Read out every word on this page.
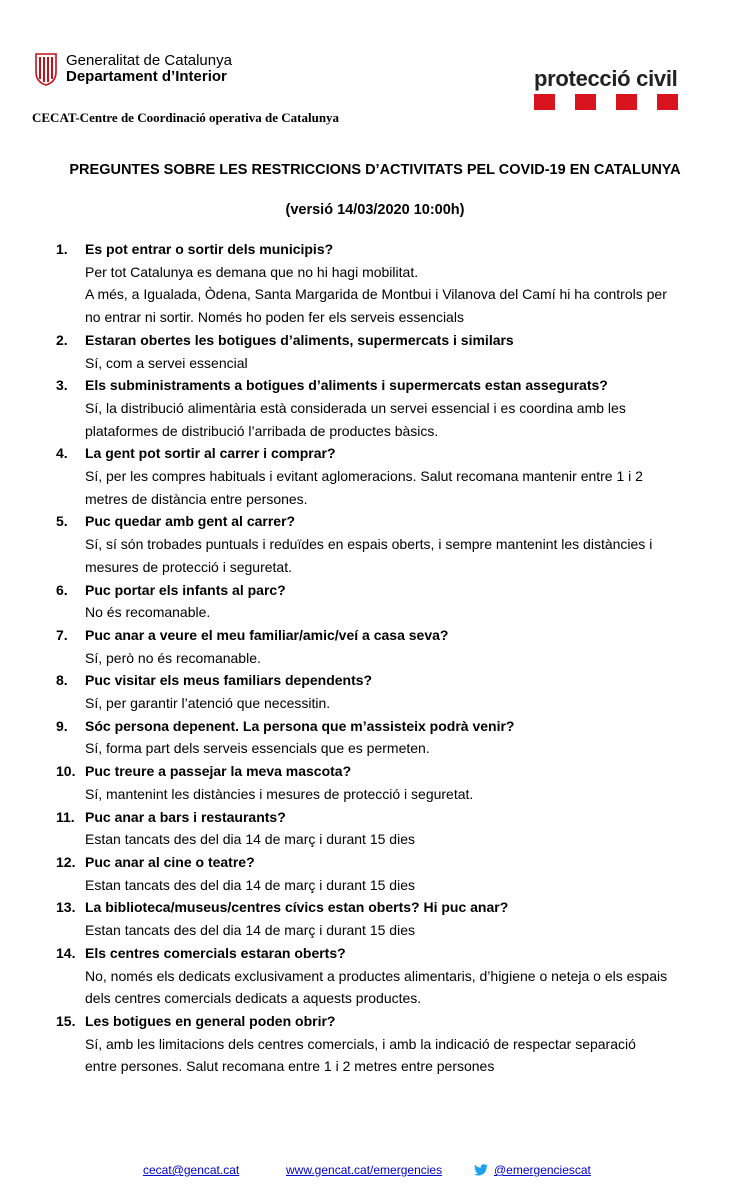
Generalitat de Catalunya
Departament d’Interior	protecció civil
CECAT-Centre de Coordinació operativa de Catalunya
PREGUNTES SOBRE LES RESTRICCIONS D’ACTIVITATS PEL COVID-19 EN CATALUNYA
(versió 14/03/2020 10:00h)
1.	Es pot entrar o sortir dels municipis?
Per tot Catalunya es demana que no hi hagi mobilitat.
A més, a Igualada, Òdena, Santa Margarida de Montbui i Vilanova del Camí hi ha controls per
no entrar ni sortir. Només ho poden fer els serveis essencials
2.	Estaran obertes les botigues d’aliments, supermercats i similars
Sí, com a servei essencial
3.	Els subministraments a botigues d’aliments i supermercats estan assegurats?
Sí, la distribució alimentària està considerada un servei essencial i es coordina amb les
plataformes de distribució l’arribada de productes bàsics.
4.	La gent pot sortir al carrer i comprar?
Sí, per les compres habituals i evitant aglomeracions. Salut recomana mantenir entre 1 i 2
metres de distància entre persones.
5.	Puc quedar amb gent al carrer?
Sí, sí són trobades puntuals i reduïdes en espais oberts, i sempre mantenint les distàncies i
mesures de protecció i seguretat.
6.	Puc portar els infants al parc?
No és recomanable.
7.	Puc anar a veure el meu familiar/amic/veí a casa seva?
Sí, però no és recomanable.
8.	Puc visitar els meus familiars dependents?
Sí, per garantir l’atenció que necessitin.
9.	Sóc persona depenent. La persona que m’assisteix podrà venir?
Sí, forma part dels serveis essencials que es permeten.
10. Puc treure a passejar la meva mascota?
Sí, mantenint les distàncies i mesures de protecció i seguretat.
11. Puc anar a bars i restaurants?
Estan tancats des del dia 14 de març i durant 15 dies
12. Puc anar al cine o teatre?
Estan tancats des del dia 14 de març i durant 15 dies
13. La biblioteca/museus/centres cívics estan oberts? Hi puc anar?
Estan tancats des del dia 14 de març i durant 15 dies
14. Els centres comercials estaran oberts?
No, només els dedicats exclusivament a productes alimentaris, d’higiene o neteja o els espais
dels centres comercials dedicats a aquests productes.
15. Les botigues en general poden obrir?
Sí, amb les limitacions dels centres comercials, i amb la indicació de respectar separació
entre persones. Salut recomana entre 1 i 2 metres entre persones
cecat@gencat.cat	www.gencat.cat/emergencies	@emergenciescat
